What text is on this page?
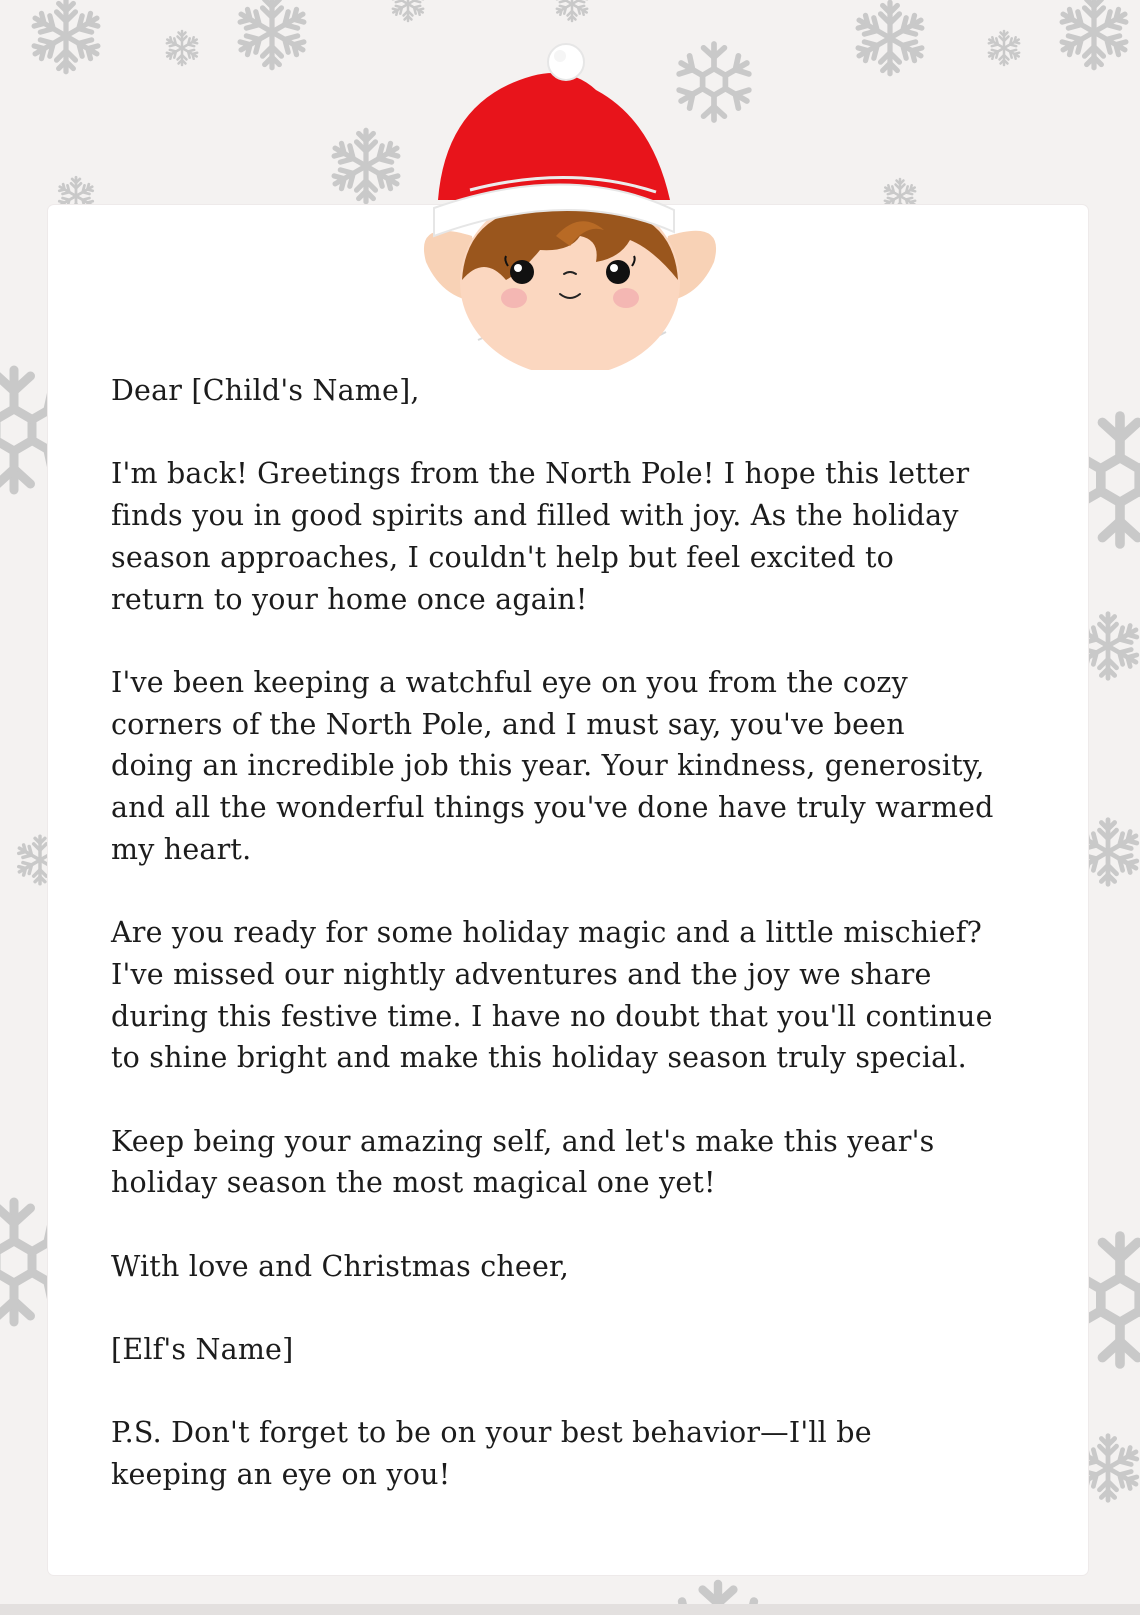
Dear [Child's Name],

I'm back! Greetings from the North Pole! I hope this letter
finds you in good spirits and filled with joy. As the holiday
season approaches, I couldn't help but feel excited to
return to your home once again!

I've been keeping a watchful eye on you from the cozy
corners of the North Pole, and I must say, you've been
doing an incredible job this year. Your kindness, generosity,
and all the wonderful things you've done have truly warmed
my heart.

Are you ready for some holiday magic and a little mischief?
I've missed our nightly adventures and the joy we share
during this festive time. I have no doubt that you'll continue
to shine bright and make this holiday season truly special.

Keep being your amazing self, and let's make this year's
holiday season the most magical one yet!

With love and Christmas cheer,

[Elf's Name]

P.S. Don't forget to be on your best behavior—I'll be
keeping an eye on you!
